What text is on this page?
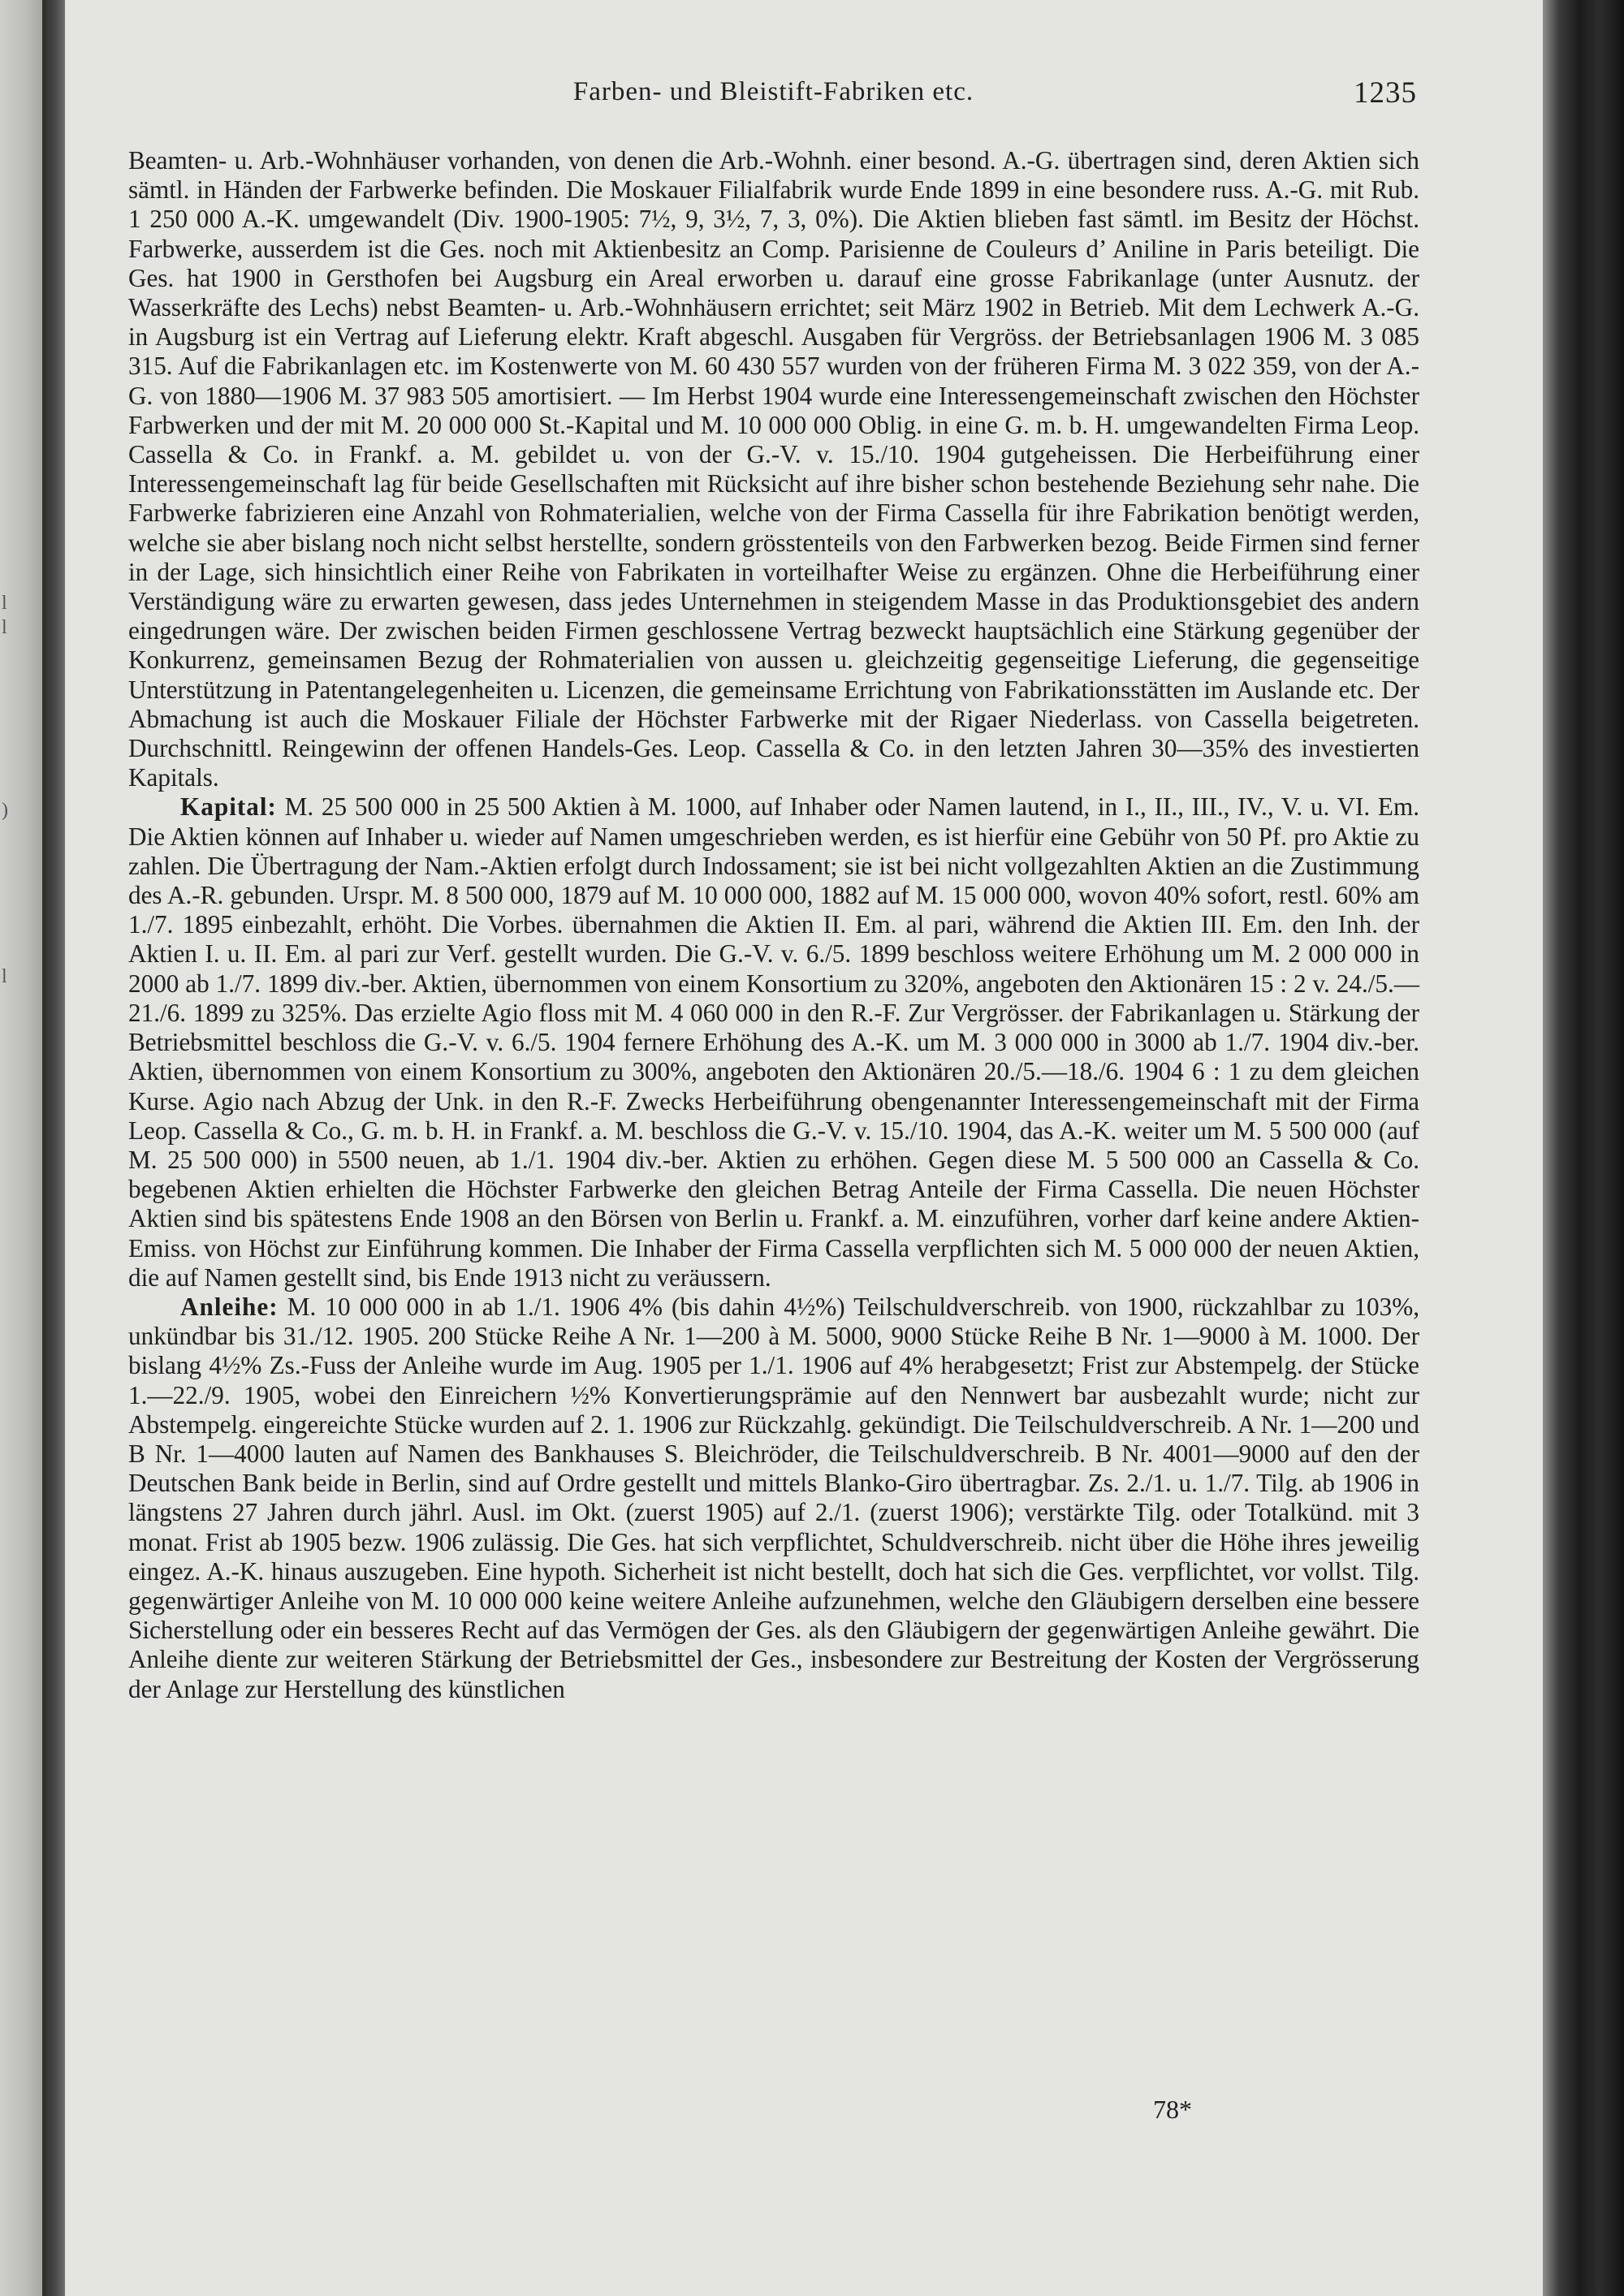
l
l
)
l
Farben- und Bleistift-Fabriken etc.	1235

Beamten- u. Arb.-Wohnhäuser vorhanden, von denen die Arb.-Wohnh. einer besond. A.-G. übertragen sind, deren Aktien sich sämtl. in Händen der Farbwerke befinden. Die Moskauer Filialfabrik wurde Ende 1899 in eine besondere russ. A.-G. mit Rub. 1 250 000 A.-K. umgewandelt (Div. 1900-1905: 7½, 9, 3½, 7, 3, 0%). Die Aktien blieben fast sämtl. im Besitz der Höchst. Farbwerke, ausserdem ist die Ges. noch mit Aktienbesitz an Comp. Parisienne de Couleurs d’ Aniline in Paris beteiligt. Die Ges. hat 1900 in Gersthofen bei Augsburg ein Areal erworben u. darauf eine grosse Fabrikanlage (unter Ausnutz. der Wasserkräfte des Lechs) nebst Beamten- u. Arb.-Wohnhäusern errichtet; seit März 1902 in Betrieb. Mit dem Lechwerk A.-G. in Augsburg ist ein Vertrag auf Lieferung elektr. Kraft abgeschl. Ausgaben für Vergröss. der Betriebsanlagen 1906 M. 3 085 315. Auf die Fabrikanlagen etc. im Kostenwerte von M. 60 430 557 wurden von der früheren Firma M. 3 022 359, von der A.-G. von 1880—1906 M. 37 983 505 amortisiert. — Im Herbst 1904 wurde eine Interessengemeinschaft zwischen den Höchster Farbwerken und der mit M. 20 000 000 St.-Kapital und M. 10 000 000 Oblig. in eine G. m. b. H. umgewandelten Firma Leop. Cassella & Co. in Frankf. a. M. gebildet u. von der G.-V. v. 15./10. 1904 gutgeheissen. Die Herbeiführung einer Interessengemeinschaft lag für beide Gesellschaften mit Rücksicht auf ihre bisher schon bestehende Beziehung sehr nahe. Die Farbwerke fabrizieren eine Anzahl von Rohmaterialien, welche von der Firma Cassella für ihre Fabrikation benötigt werden, welche sie aber bislang noch nicht selbst herstellte, sondern grösstenteils von den Farbwerken bezog. Beide Firmen sind ferner in der Lage, sich hinsichtlich einer Reihe von Fabrikaten in vorteilhafter Weise zu ergänzen. Ohne die Herbeiführung einer Verständigung wäre zu erwarten gewesen, dass jedes Unternehmen in steigendem Masse in das Produktionsgebiet des andern eingedrungen wäre. Der zwischen beiden Firmen geschlossene Vertrag bezweckt hauptsächlich eine Stärkung gegenüber der Konkurrenz, gemeinsamen Bezug der Rohmaterialien von aussen u. gleichzeitig gegenseitige Lieferung, die gegenseitige Unterstützung in Patentangelegenheiten u. Licenzen, die gemeinsame Errichtung von Fabrikationsstätten im Auslande etc. Der Abmachung ist auch die Moskauer Filiale der Höchster Farbwerke mit der Rigaer Niederlass. von Cassella beigetreten. Durchschnittl. Reingewinn der offenen Handels-Ges. Leop. Cassella & Co. in den letzten Jahren 30—35% des investierten Kapitals.

Kapital: M. 25 500 000 in 25 500 Aktien à M. 1000, auf Inhaber oder Namen lautend, in I., II., III., IV., V. u. VI. Em. Die Aktien können auf Inhaber u. wieder auf Namen umgeschrieben werden, es ist hierfür eine Gebühr von 50 Pf. pro Aktie zu zahlen. Die Übertragung der Nam.-Aktien erfolgt durch Indossament; sie ist bei nicht vollgezahlten Aktien an die Zustimmung des A.-R. gebunden. Urspr. M. 8 500 000, 1879 auf M. 10 000 000, 1882 auf M. 15 000 000, wovon 40% sofort, restl. 60% am 1./7. 1895 einbezahlt, erhöht. Die Vorbes. übernahmen die Aktien II. Em. al pari, während die Aktien III. Em. den Inh. der Aktien I. u. II. Em. al pari zur Verf. gestellt wurden. Die G.-V. v. 6./5. 1899 beschloss weitere Erhöhung um M. 2 000 000 in 2000 ab 1./7. 1899 div.-ber. Aktien, übernommen von einem Konsortium zu 320%, angeboten den Aktionären 15 : 2 v. 24./5.—21./6. 1899 zu 325%. Das erzielte Agio floss mit M. 4 060 000 in den R.-F. Zur Vergrösser. der Fabrikanlagen u. Stärkung der Betriebsmittel beschloss die G.-V. v. 6./5. 1904 fernere Erhöhung des A.-K. um M. 3 000 000 in 3000 ab 1./7. 1904 div.-ber. Aktien, übernommen von einem Konsortium zu 300%, angeboten den Aktionären 20./5.—18./6. 1904 6 : 1 zu dem gleichen Kurse. Agio nach Abzug der Unk. in den R.-F. Zwecks Herbeiführung obengenannter Interessengemeinschaft mit der Firma Leop. Cassella & Co., G. m. b. H. in Frankf. a. M. beschloss die G.-V. v. 15./10. 1904, das A.-K. weiter um M. 5 500 000 (auf M. 25 500 000) in 5500 neuen, ab 1./1. 1904 div.-ber. Aktien zu erhöhen. Gegen diese M. 5 500 000 an Cassella & Co. begebenen Aktien erhielten die Höchster Farbwerke den gleichen Betrag Anteile der Firma Cassella. Die neuen Höchster Aktien sind bis spätestens Ende 1908 an den Börsen von Berlin u. Frankf. a. M. einzuführen, vorher darf keine andere Aktien-Emiss. von Höchst zur Einführung kommen. Die Inhaber der Firma Cassella verpflichten sich M. 5 000 000 der neuen Aktien, die auf Namen gestellt sind, bis Ende 1913 nicht zu veräussern.

Anleihe: M. 10 000 000 in ab 1./1. 1906 4% (bis dahin 4½%) Teilschuldverschreib. von 1900, rückzahlbar zu 103%, unkündbar bis 31./12. 1905. 200 Stücke Reihe A Nr. 1—200 à M. 5000, 9000 Stücke Reihe B Nr. 1—9000 à M. 1000. Der bislang 4½% Zs.-Fuss der Anleihe wurde im Aug. 1905 per 1./1. 1906 auf 4% herabgesetzt; Frist zur Abstempelg. der Stücke 1.—22./9. 1905, wobei den Einreichern ½% Konvertierungsprämie auf den Nennwert bar ausbezahlt wurde; nicht zur Abstempelg. eingereichte Stücke wurden auf 2. 1. 1906 zur Rückzahlg. gekündigt. Die Teilschuldverschreib. A Nr. 1—200 und B Nr. 1—4000 lauten auf Namen des Bankhauses S. Bleichröder, die Teilschuldverschreib. B Nr. 4001—9000 auf den der Deutschen Bank beide in Berlin, sind auf Ordre gestellt und mittels Blanko-Giro übertragbar. Zs. 2./1. u. 1./7. Tilg. ab 1906 in längstens 27 Jahren durch jährl. Ausl. im Okt. (zuerst 1905) auf 2./1. (zuerst 1906); verstärkte Tilg. oder Totalkünd. mit 3 monat. Frist ab 1905 bezw. 1906 zulässig. Die Ges. hat sich verpflichtet, Schuldverschreib. nicht über die Höhe ihres jeweilig eingez. A.-K. hinaus auszugeben. Eine hypoth. Sicherheit ist nicht bestellt, doch hat sich die Ges. verpflichtet, vor vollst. Tilg. gegenwärtiger Anleihe von M. 10 000 000 keine weitere Anleihe aufzunehmen, welche den Gläubigern derselben eine bessere Sicherstellung oder ein besseres Recht auf das Vermögen der Ges. als den Gläubigern der gegenwärtigen Anleihe gewährt. Die Anleihe diente zur weiteren Stärkung der Betriebsmittel der Ges., insbesondere zur Bestreitung der Kosten der Vergrösserung der Anlage zur Herstellung des künstlichen

78*
